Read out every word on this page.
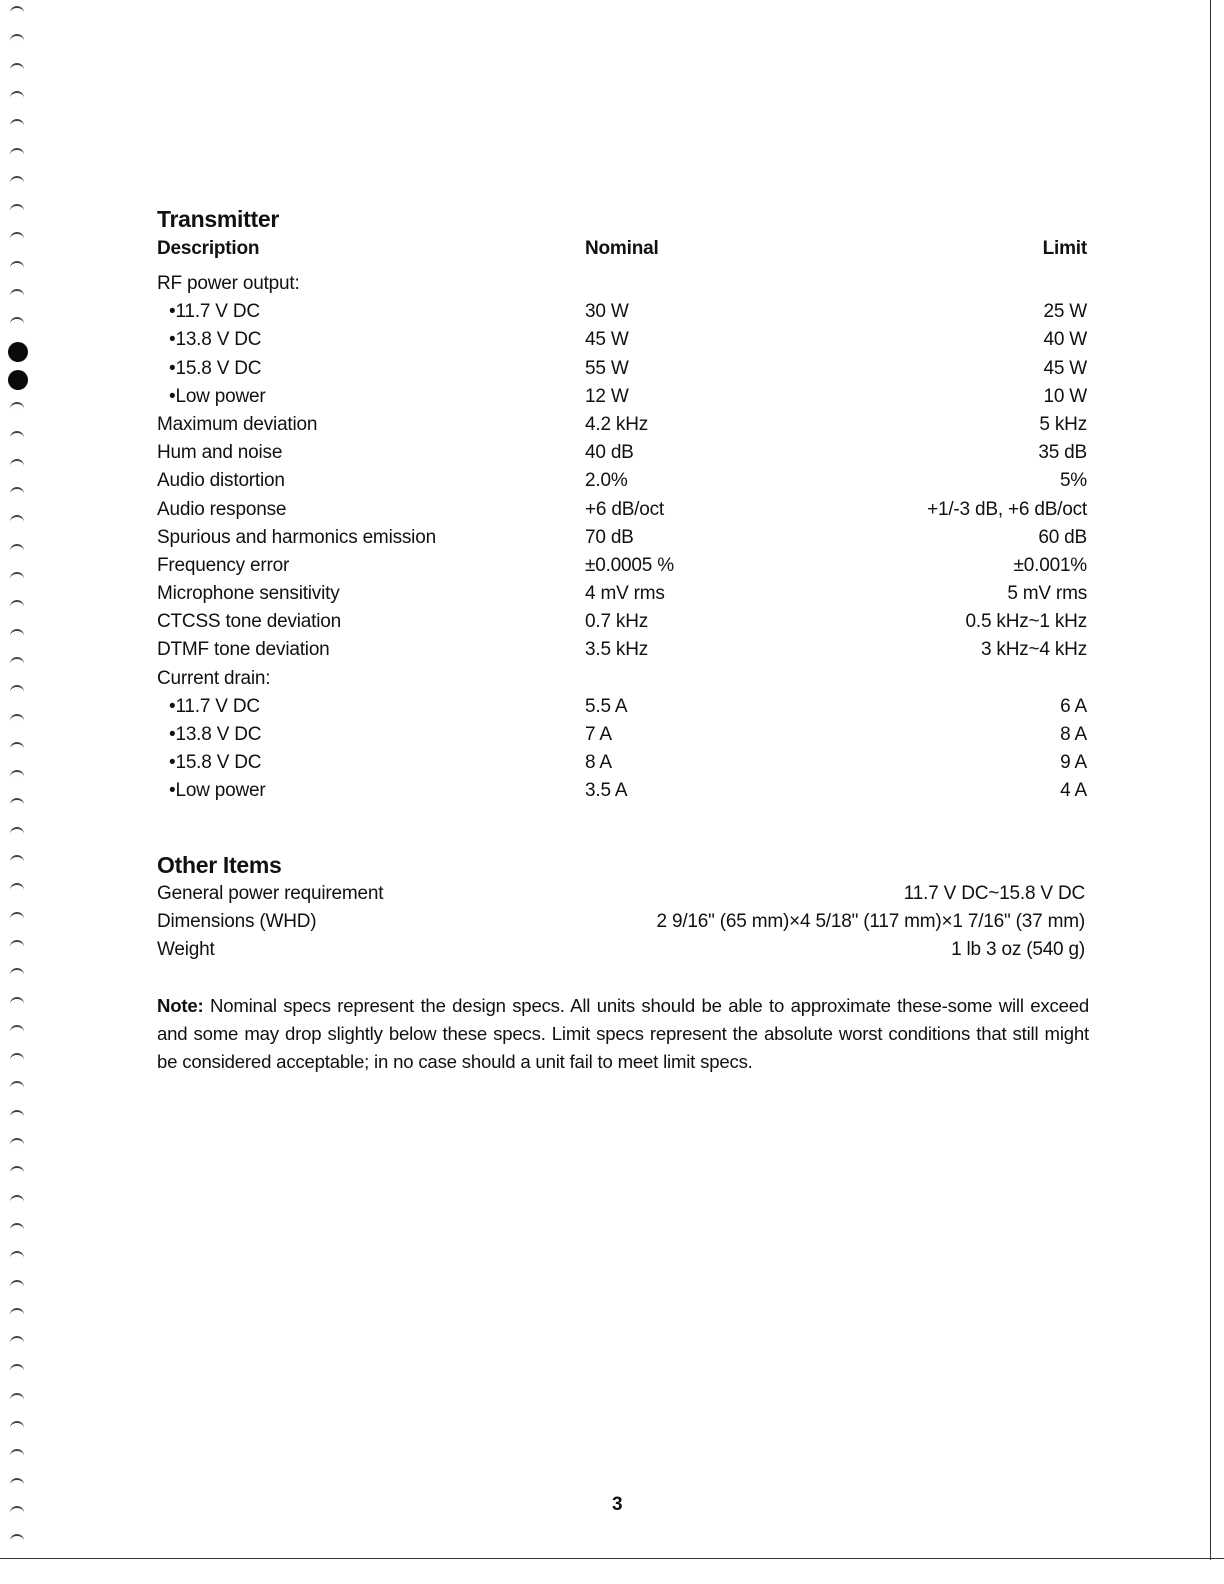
Transmitter
Description	Nominal	Limit
RF power output:
•11.7 V DC	30 W	25 W
•13.8 V DC	45 W	40 W
•15.8 V DC	55 W	45 W
•Low power	12 W	10 W
Maximum deviation	4.2 kHz	5 kHz
Hum and noise	40 dB	35 dB
Audio distortion	2.0%	5%
Audio response	+6 dB/oct	+1/-3 dB, +6 dB/oct
Spurious and harmonics emission	70 dB	60 dB
Frequency error	±0.0005 %	±0.001%
Microphone sensitivity	4 mV rms	5 mV rms
CTCSS tone deviation	0.7 kHz	0.5 kHz~1 kHz
DTMF tone deviation	3.5 kHz	3 kHz~4 kHz
Current drain:
•11.7 V DC	5.5 A	6 A
•13.8 V DC	7 A	8 A
•15.8 V DC	8 A	9 A
•Low power	3.5 A	4 A
Other Items
General power requirement	11.7 V DC~15.8 V DC
Dimensions (WHD)	2 9/16" (65 mm)×4 5/18" (117 mm)×1 7/16" (37 mm)
Weight	1 lb 3 oz (540 g)

Note: Nominal specs represent the design specs. All units should be able to approximate these-some will exceed and some may drop slightly below these specs. Limit specs represent the absolute worst conditions that still might be considered acceptable; in no case should a unit fail to meet limit specs.

3
